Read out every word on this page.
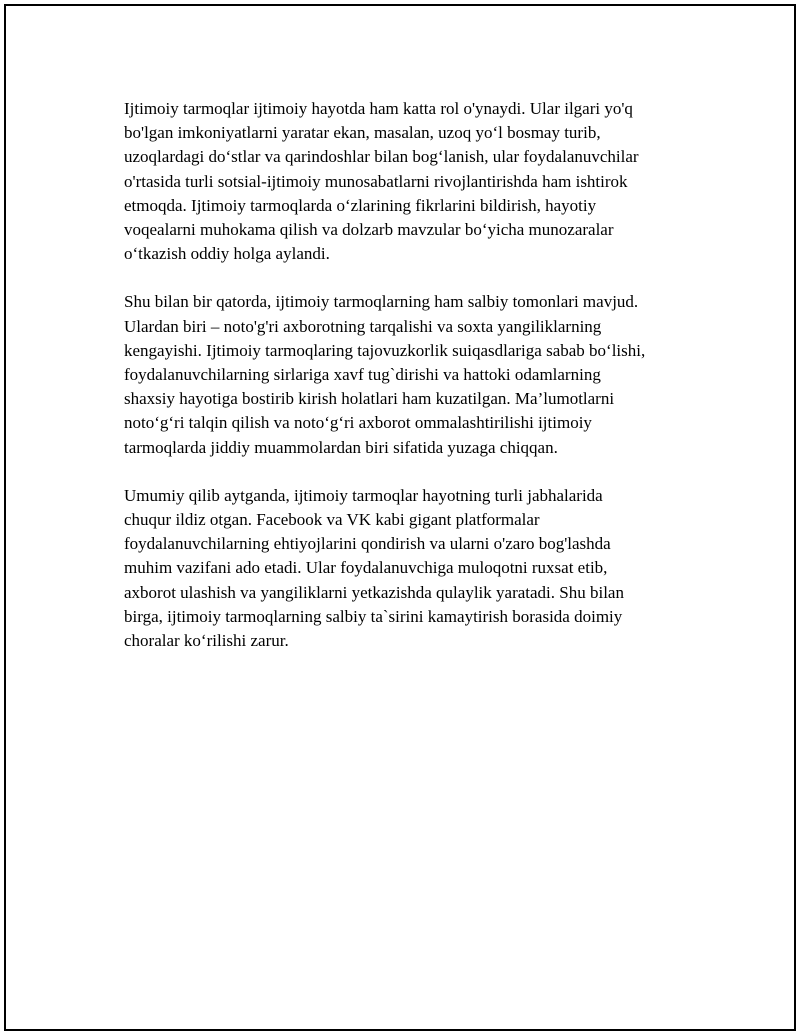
Ijtimoiy tarmoqlar ijtimoiy hayotda ham katta rol o'ynaydi. Ular ilgari yo'q
bo'lgan imkoniyatlarni yaratar ekan, masalan, uzoq yo‘l bosmay turib,
uzoqlardagi do‘stlar va qarindoshlar bilan bog‘lanish, ular foydalanuvchilar
o'rtasida turli sotsial-ijtimoiy munosabatlarni rivojlantirishda ham ishtirok
etmoqda. Ijtimoiy tarmoqlarda o‘zlarining fikrlarini bildirish, hayotiy
voqealarni muhokama qilish va dolzarb mavzular bo‘yicha munozaralar
o‘tkazish oddiy holga aylandi.

Shu bilan bir qatorda, ijtimoiy tarmoqlarning ham salbiy tomonlari mavjud.
Ulardan biri – noto'g'ri axborotning tarqalishi va soxta yangiliklarning
kengayishi. Ijtimoiy tarmoqlaring tajovuzkorlik suiqasdlariga sabab bo‘lishi,
foydalanuvchilarning sirlariga xavf tug`dirishi va hattoki odamlarning
shaxsiy hayotiga bostirib kirish holatlari ham kuzatilgan. Ma’lumotlarni
noto‘g‘ri talqin qilish va noto‘g‘ri axborot ommalashtirilishi ijtimoiy
tarmoqlarda jiddiy muammolardan biri sifatida yuzaga chiqqan.

Umumiy qilib aytganda, ijtimoiy tarmoqlar hayotning turli jabhalarida
chuqur ildiz otgan. Facebook va VK kabi gigant platformalar
foydalanuvchilarning ehtiyojlarini qondirish va ularni o'zaro bog'lashda
muhim vazifani ado etadi. Ular foydalanuvchiga muloqotni ruxsat etib,
axborot ulashish va yangiliklarni yetkazishda qulaylik yaratadi. Shu bilan
birga, ijtimoiy tarmoqlarning salbiy ta`sirini kamaytirish borasida doimiy
choralar ko‘rilishi zarur.
